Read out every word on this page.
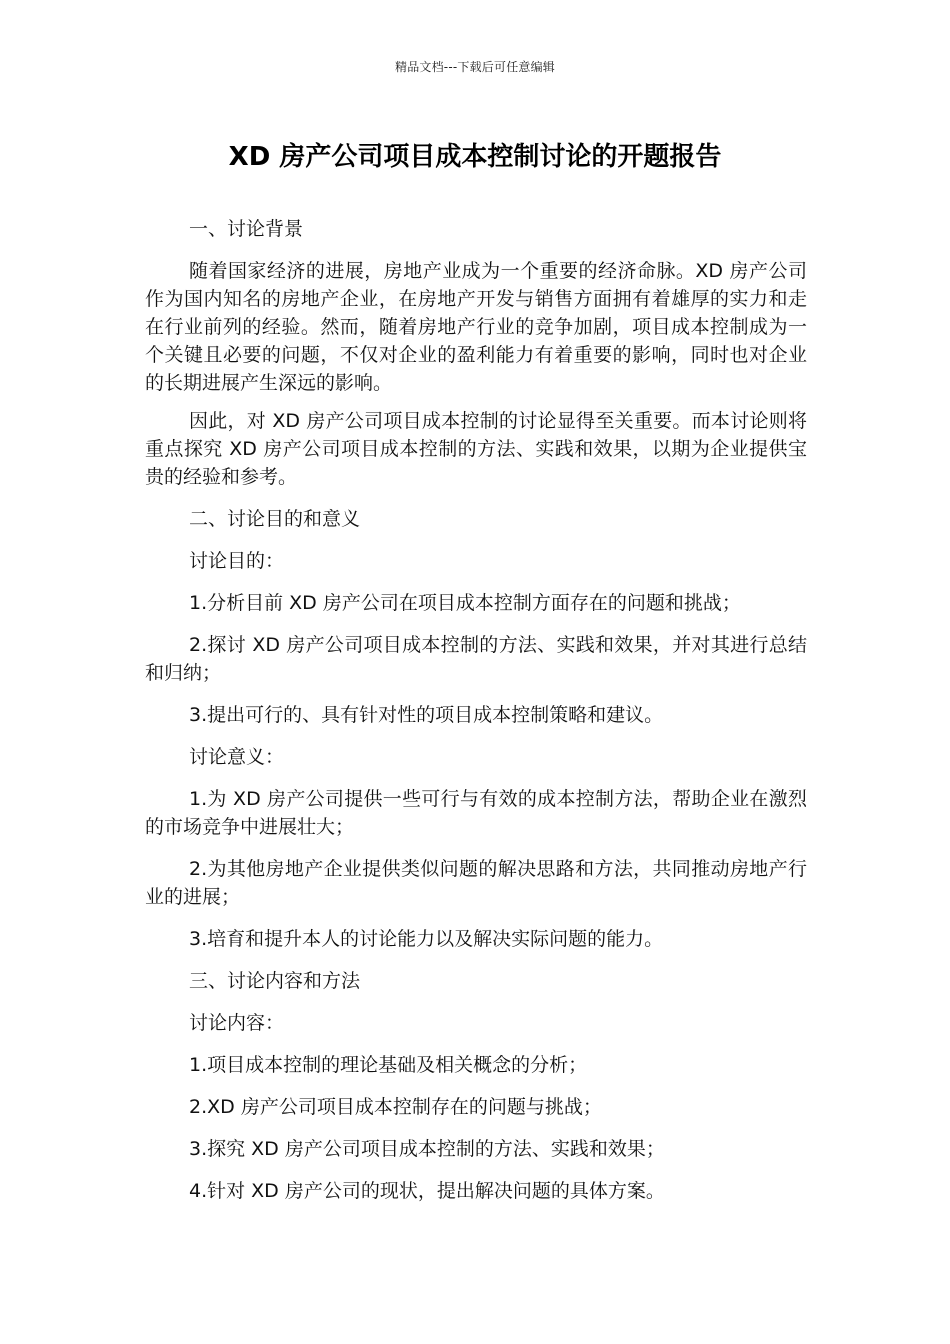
精品文档---下载后可任意编辑
XD 房产公司项目成本控制讨论的开题报告

一、讨论背景

随着国家经济的进展，房地产业成为一个重要的经济命脉。XD 房产公司作为国内知名的房地产企业，在房地产开发与销售方面拥有着雄厚的实力和走在行业前列的经验。然而，随着房地产行业的竞争加剧，项目成本控制成为一个关键且必要的问题，不仅对企业的盈利能力有着重要的影响，同时也对企业的长期进展产生深远的影响。

因此，对 XD 房产公司项目成本控制的讨论显得至关重要。而本讨论则将重点探究 XD 房产公司项目成本控制的方法、实践和效果，以期为企业提供宝贵的经验和参考。

二、讨论目的和意义

讨论目的：

1.分析目前 XD 房产公司在项目成本控制方面存在的问题和挑战；

2.探讨 XD 房产公司项目成本控制的方法、实践和效果，并对其进行总结和归纳；

3.提出可行的、具有针对性的项目成本控制策略和建议。

讨论意义：

1.为 XD 房产公司提供一些可行与有效的成本控制方法，帮助企业在激烈的市场竞争中进展壮大；

2.为其他房地产企业提供类似问题的解决思路和方法，共同推动房地产行业的进展；

3.培育和提升本人的讨论能力以及解决实际问题的能力。

三、讨论内容和方法

讨论内容：

1.项目成本控制的理论基础及相关概念的分析；

2.XD 房产公司项目成本控制存在的问题与挑战；

3.探究 XD 房产公司项目成本控制的方法、实践和效果；

4.针对 XD 房产公司的现状，提出解决问题的具体方案。
